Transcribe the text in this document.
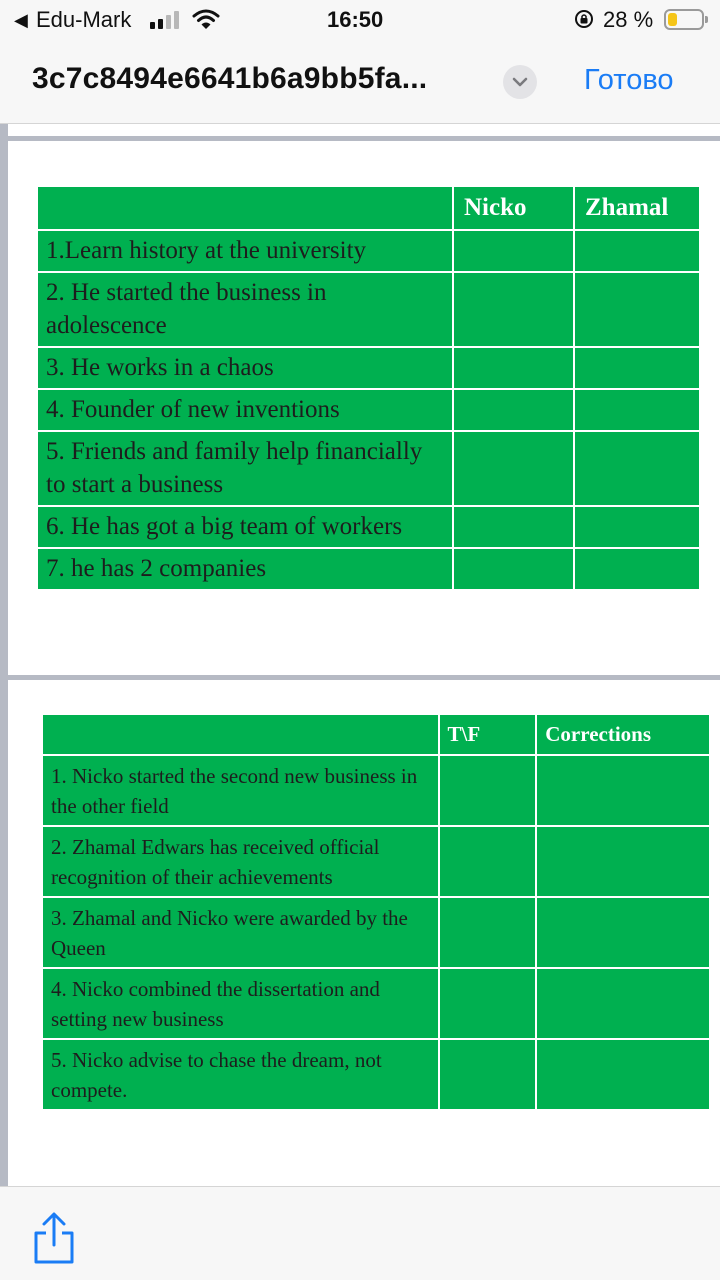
◀ Edu-Mark	16:50	28 %
3c7c8494e6641b6a9bb5fa...	Готово
	Nicko	Zhamal
1.Learn history at the university		
2. He started the business in adolescence		
3. He works in a chaos		
4. Founder of new inventions		
5. Friends and family help financially to start a business		
6. He has got a big team of workers		
7. he has 2 companies		
	T\F	Corrections
1. Nicko started the second new business in the other field		
2. Zhamal Edwars has received official recognition of their achievements		
3. Zhamal and Nicko were awarded by the Queen		
4. Nicko combined the dissertation and setting new business		
5. Nicko advise to chase the dream, not compete.		
